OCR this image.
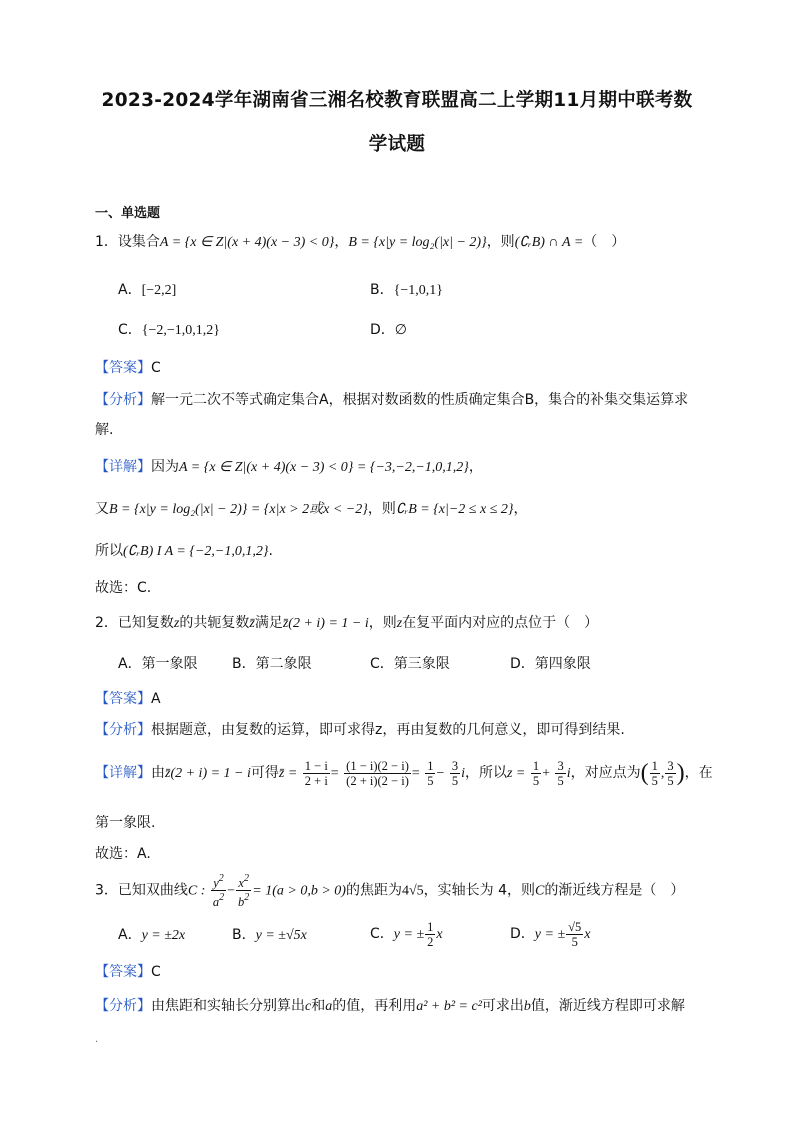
2023-2024学年湖南省三湘名校教育联盟高二上学期11月期中联考数
学试题
一、单选题
1．设集合A = {x ∈ Z|(x + 4)(x − 3) < 0}，B = {x|y = log₂(|x| − 2)}，则(∁ᵣB) ∩ A =（　）
A．[−2,2]	B．{−1,0,1}
C．{−2,−1,0,1,2}	D．∅
【答案】C
【分析】解一元二次不等式确定集合A，根据对数函数的性质确定集合B，集合的补集交集运算求
解.
【详解】因为A = {x ∈ Z|(x + 4)(x − 3) < 0} = {−3,−2,−1,0,1,2}，
又B = {x|y = log₂(|x| − 2)} = {x|x > 2或x < −2}，则∁ᵣB = {x|−2 ≤ x ≤ 2}，
所以(∁ᵣB) I A = {−2,−1,0,1,2}.
故选：C.
2．已知复数z的共轭复数z̄满足z̄(2 + i) = 1 − i，则z在复平面内对应的点位于（　）
A．第一象限 B．第二象限	C．第三象限	D．第四象限
【答案】A
【分析】根据题意，由复数的运算，即可求得z，再由复数的几何意义，即可得到结果.
【详解】由z̄(2 + i) = 1 − i可得z̄ = $\frac{1 - i}{2 + i} = \frac{(1 - i)(2 - i)}{(2 + i)(2 - i)} = \frac{1}{5} - \frac{3}{5}$ i，所以$z = \frac{1}{5} + \frac{3}{5}$ i，对应点为( $\frac{1}{5}$ , $\frac{3}{5}$ )，在
第一象限.
故选：A.
3．已知双曲线C : $\frac{y^2}{a^2} - \frac{x^2}{b^2} = 1(a > 0,b > 0)$的焦距为4√5，实轴长为 4，则C的渐近线方程是（　）
A．y = ±2x	B．y = ±√5x	C．y = ± $\frac{1}{2}$ x	D．y = ± $\frac{√5}{5}$ x
【答案】C
【分析】由焦距和实轴长分别算出c和a的值，再利用a² + b² = c²可求出b值，渐近线方程即可求解
.
